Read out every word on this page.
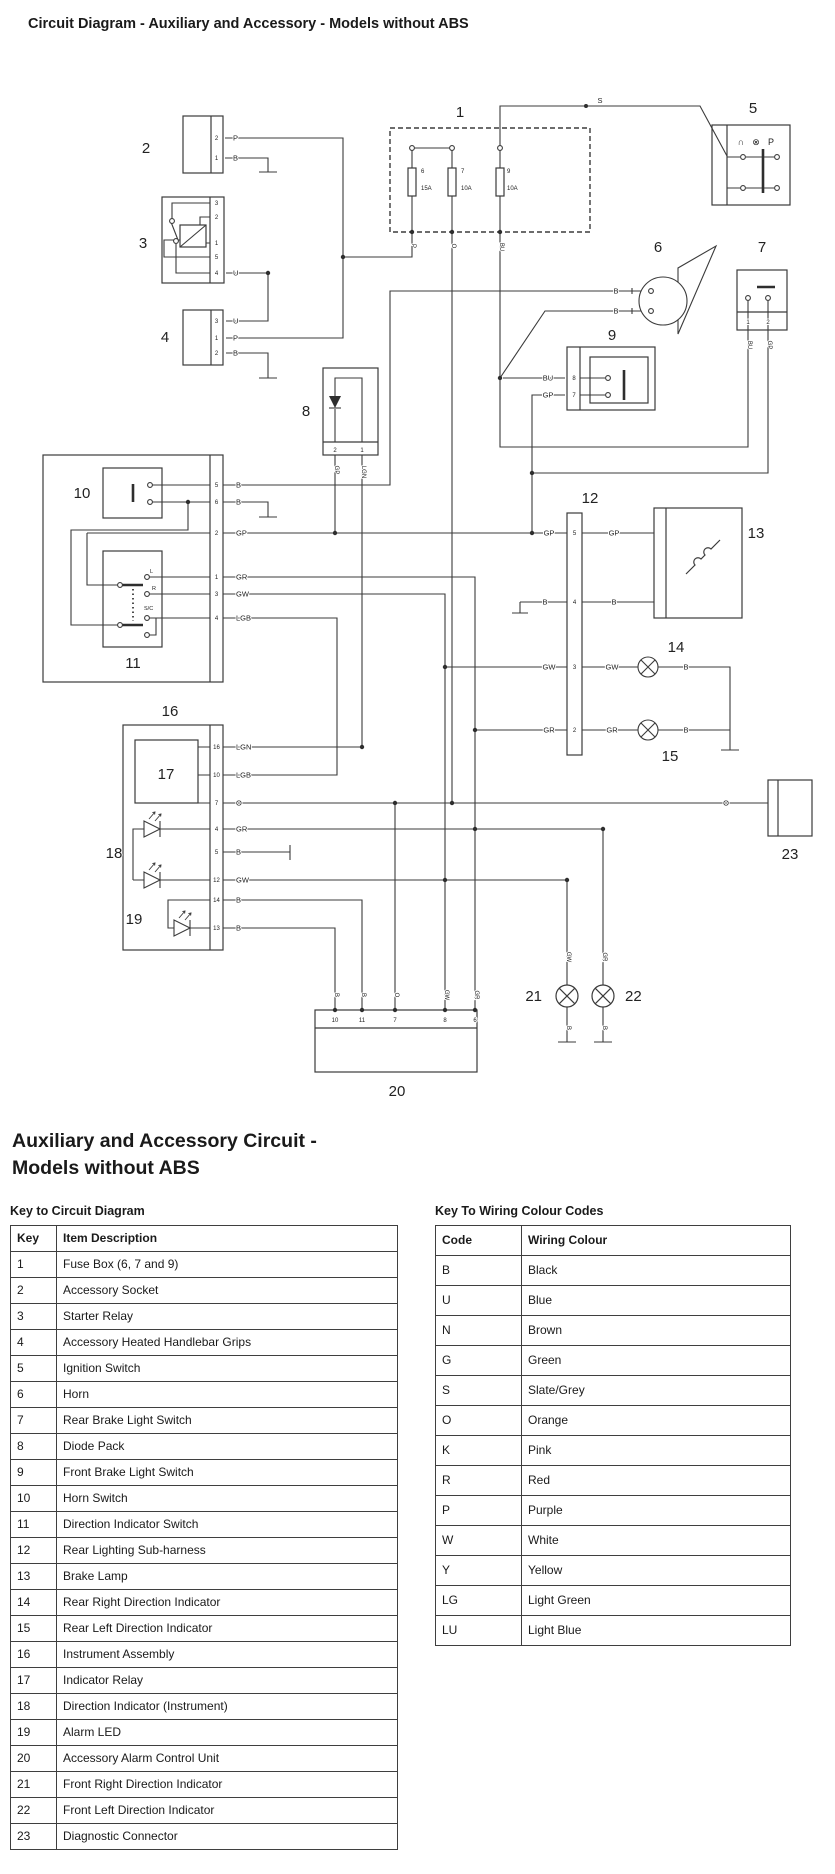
Circuit Diagram - Auxiliary and Accessory - Models without ABS
1
2
3
4
5
6	7
8
9
10
11
12
13
14
15
16
17
18
19
20
21	22
23
P
B
U
U
P
B
S
B
B
BU
GP
B
B
GP
GR
GW
LGB
LGN
LGB
O
GR
B
GW
B
B
GP
B
GW
GR
GP
B
GW	B
GR	B
O
2
1
3
2
1
5
4
3
1
2
1	2
2	1
8
7
5
6
2
1
3
4
16
10
7
4
5
12
14
13
5
4
3
2
10	11	7	8	6
6
15A
7
10A
9
10A
P	O	BU
GP	LGN
BU GP
B	B	O	GW	GR
GW
B
GR
B
∩ ⊗ P
L
R
S/C
Auxiliary and Accessory Circuit -
Models without ABS
Key to Circuit Diagram
Key	Item Description
1	Fuse Box (6, 7 and 9)
2	Accessory Socket
3	Starter Relay
4	Accessory Heated Handlebar Grips
5	Ignition Switch
6	Horn
7	Rear Brake Light Switch
8	Diode Pack
9	Front Brake Light Switch
10	Horn Switch
11	Direction Indicator Switch
12	Rear Lighting Sub-harness
13	Brake Lamp
14	Rear Right Direction Indicator
15	Rear Left Direction Indicator
16	Instrument Assembly
17	Indicator Relay
18	Direction Indicator (Instrument)
19	Alarm LED
20	Accessory Alarm Control Unit
21	Front Right Direction Indicator
22	Front Left Direction Indicator
23	Diagnostic Connector
Key To Wiring Colour Codes
Code	Wiring Colour
B	Black
U	Blue
N	Brown
G	Green
S	Slate/Grey
O	Orange
K	Pink
R	Red
P	Purple
W	White
Y	Yellow
LG	Light Green
LU	Light Blue
